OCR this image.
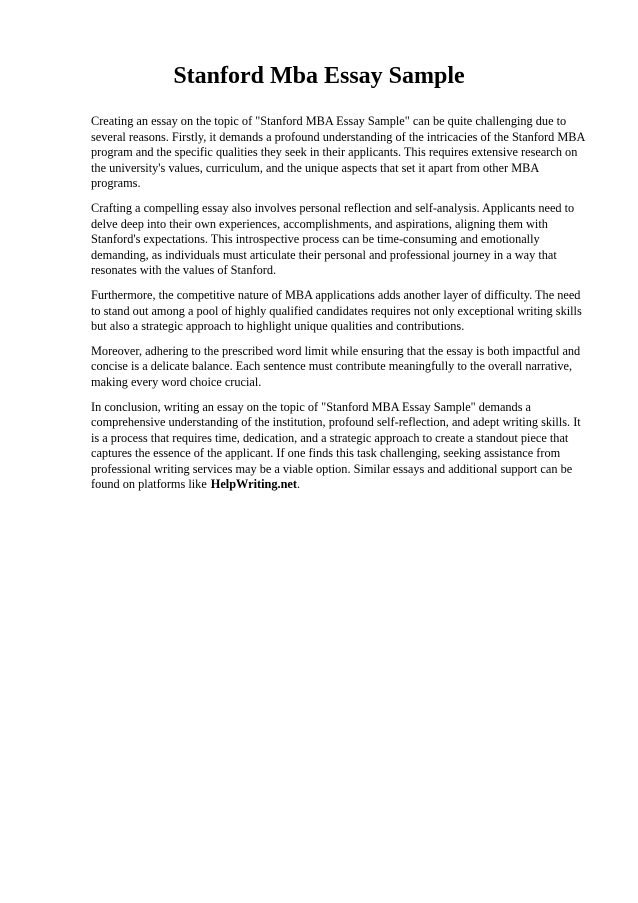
Stanford Mba Essay Sample

Creating an essay on the topic of "Stanford MBA Essay Sample" can be quite challenging due to several reasons. Firstly, it demands a profound understanding of the intricacies of the Stanford MBA program and the specific qualities they seek in their applicants. This requires extensive research on the university's values, curriculum, and the unique aspects that set it apart from other MBA programs.

Crafting a compelling essay also involves personal reflection and self-analysis. Applicants need to delve deep into their own experiences, accomplishments, and aspirations, aligning them with Stanford's expectations. This introspective process can be time-consuming and emotionally demanding, as individuals must articulate their personal and professional journey in a way that resonates with the values of Stanford.

Furthermore, the competitive nature of MBA applications adds another layer of difficulty. The need to stand out among a pool of highly qualified candidates requires not only exceptional writing skills but also a strategic approach to highlight unique qualities and contributions.

Moreover, adhering to the prescribed word limit while ensuring that the essay is both impactful and concise is a delicate balance. Each sentence must contribute meaningfully to the overall narrative, making every word choice crucial.

In conclusion, writing an essay on the topic of "Stanford MBA Essay Sample" demands a comprehensive understanding of the institution, profound self-reflection, and adept writing skills. It is a process that requires time, dedication, and a strategic approach to create a standout piece that captures the essence of the applicant. If one finds this task challenging, seeking assistance from professional writing services may be a viable option. Similar essays and additional support can be found on platforms like HelpWriting.net.
